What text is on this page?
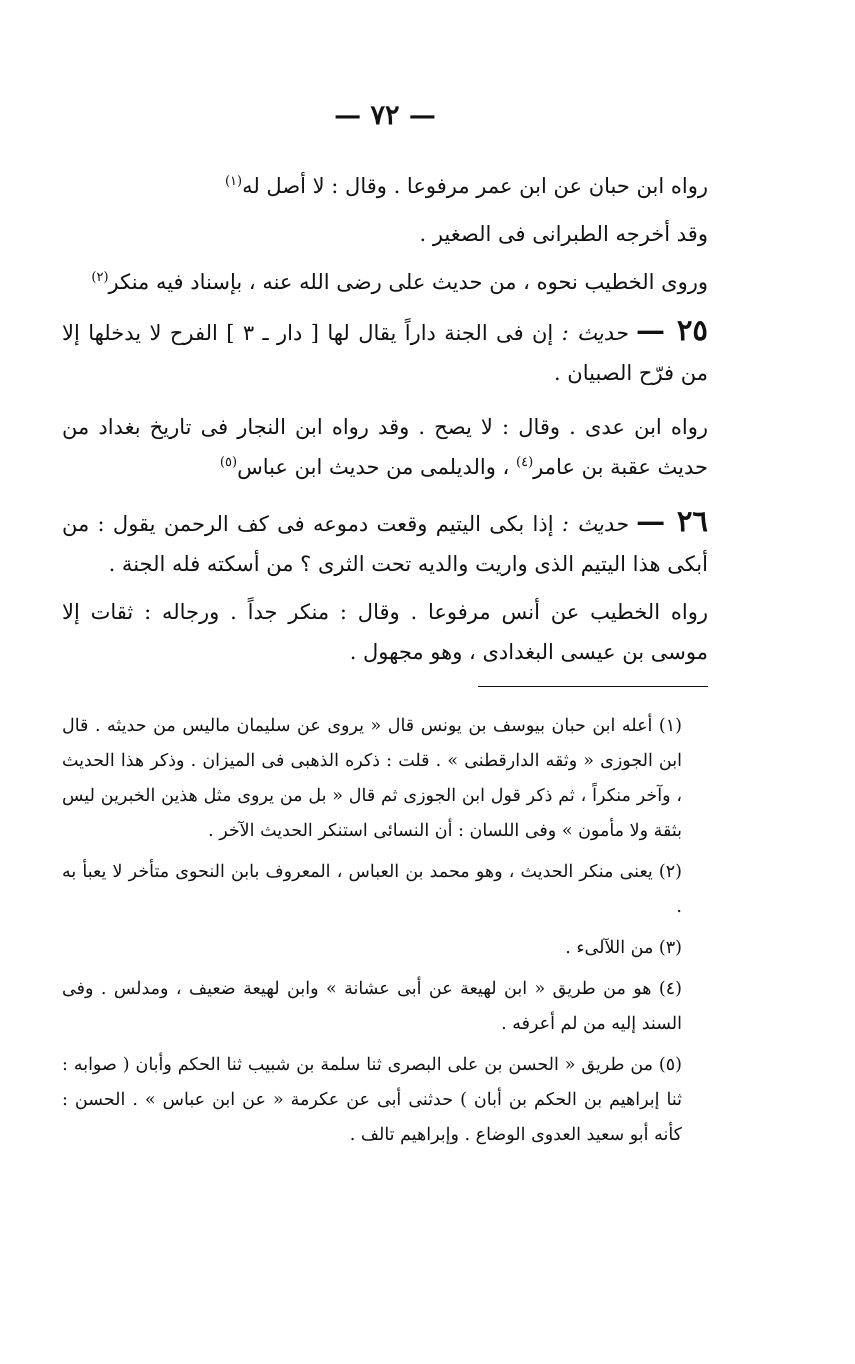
— ٧٢ —

رواه ابن حبان عن ابن عمر مرفوعا . وقال : لا أصل له$^{(١)}$

وقد أخرجه الطبرانى فى الصغير .

وروى الخطيب نحوه ، من حديث على رضى الله عنه ، بإسناد فيه منكر$^{(٢)}$

٢٥ — حديث : إن فى الجنة داراً يقال لها [ دار ـ ٣ ] الفرح لا يدخلها إلا من فرّح الصبيان .

رواه ابن عدى . وقال : لا يصح . وقد رواه ابن النجار فى تاريخ بغداد من حديث عقبة بن عامر$^{(٤)}$ ، والديلمى من حديث ابن عباس$^{(٥)}$

٢٦ — حديث : إذا بكى اليتيم وقعت دموعه فى كف الرحمن يقول : من أبكى هذا اليتيم الذى واريت والديه تحت الثرى ؟ من أسكته فله الجنة .

رواه الخطيب عن أنس مرفوعا . وقال : منكر جداً . ورجاله : ثقات إلا موسى بن عيسى البغدادى ، وهو مجهول .

(١) أعله ابن حبان بيوسف بن يونس قال « يروى عن سليمان ماليس من حديثه . قال ابن الجوزى « وثقه الدارقطنى » . قلت : ذكره الذهبى فى الميزان . وذكر هذا الحديث ، وآخر منكراً ، ثم ذكر قول ابن الجوزى ثم قال « بل من يروى مثل هذين الخبرين ليس بثقة ولا مأمون » وفى اللسان : أن النسائى استنكر الحديث الآخر .

(٢) يعنى منكر الحديث ، وهو محمد بن العباس ، المعروف بابن النحوى متأخر لا يعبأ به .

(٣) من اللآلىء .

(٤) هو من طريق « ابن لهيعة عن أبى عشانة » وابن لهيعة ضعيف ، ومدلس . وفى السند إليه من لم أعرفه .

(٥) من طريق « الحسن بن على البصرى ثنا سلمة بن شبيب ثنا الحكم وأبان ( صوابه : ثنا إبراهيم بن الحكم بن أبان ) حدثنى أبى عن عكرمة « عن ابن عباس » . الحسن : كأنه أبو سعيد العدوى الوضاع . وإبراهيم تالف .
